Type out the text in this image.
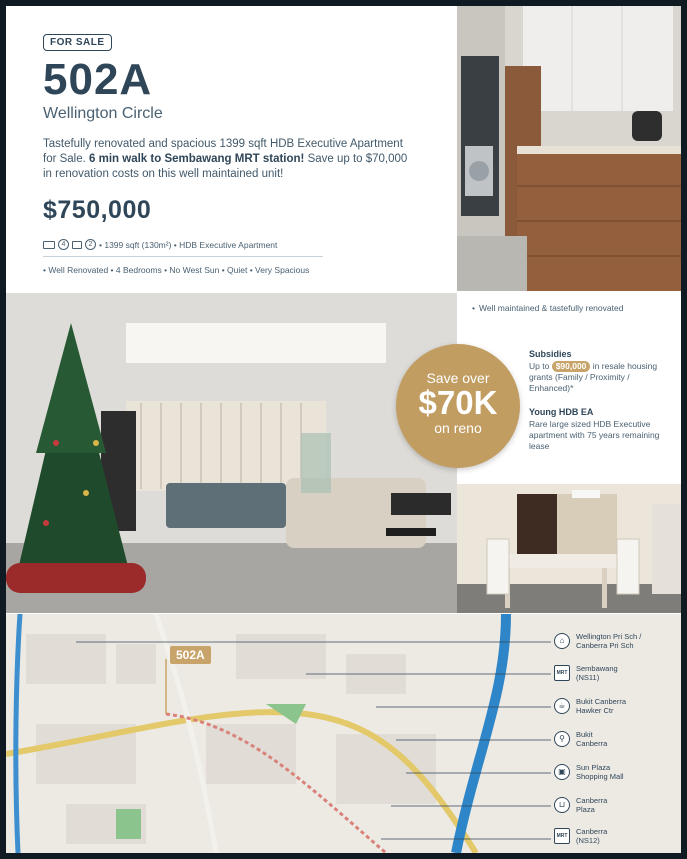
FOR SALE
502A
Wellington Circle
Tastefully renovated and spacious 1399 sqft HDB Executive Apartment for Sale. 6 min walk to Sembawang MRT station! Save up to $70,000 in renovation costs on this well maintained unit!
$750,000
4	2 • 1399 sqft (130m²) • HDB Executive Apartment
• Well Renovated • 4 Bedrooms • No West Sun • Quiet • Very Spacious
• Well maintained & tastefully renovated
Subsidies
Up to $90,000 in resale housing grants (Family / Proximity / Enhanced)*
Young HDB EA
Rare large sized HDB Executive apartment with 75 years remaining lease
Save over
$70K
on reno
502A
⌂	Wellington Pri Sch / Canberra Pri Sch
MRT	Sembawang (NS11)
☕	Bukit Canberra Hawker Ctr
⚲	Bukit Canberra
▣	Sun Plaza Shopping Mall
⊔	Canberra Plaza
MRT	Canberra (NS12)
